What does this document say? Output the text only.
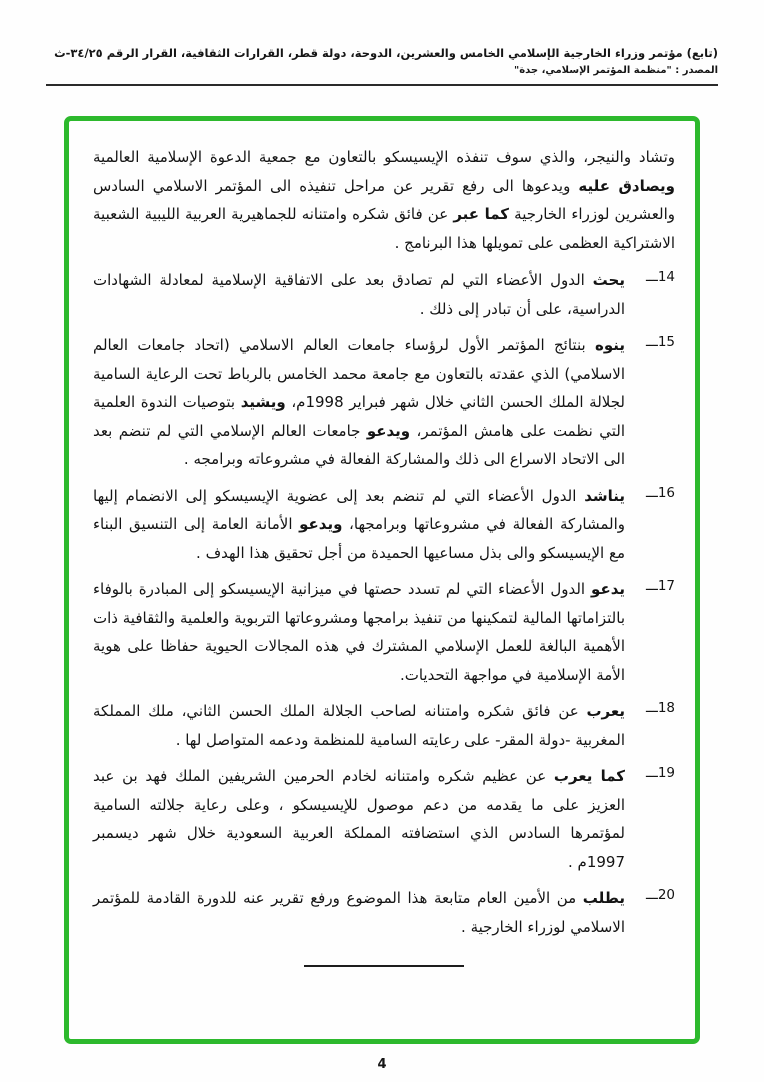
(تابع) مؤتمر وزراء الخارجية الإسلامي الخامس والعشرين، الدوحة، دولة قطر، القرارات الثقافية، القرار الرقم ٣٤/٢٥-ث
المصدر : "منظمة المؤتمر الإسلامي، جدة"

وتشاد والنيجر، والذي سوف تنفذه الإيسيسكو بالتعاون مع جمعية الدعوة الإسلامية العالمية ويصادق عليه ويدعوها الى رفع تقرير عن مراحل تنفيذه الى المؤتمر الاسلامي السادس والعشرين لوزراء الخارجية كما عبر عن فائق شكره وامتنانه للجماهيرية العربية الليبية الشعبية الاشتراكية العظمى على تمويلها هذا البرنامج .

14ـــ

يحث الدول الأعضاء التي لم تصادق بعد على الاتفاقية الإسلامية لمعادلة الشهادات الدراسية، على أن تبادر إلى ذلك .

15ـــ

ينوه بنتائج المؤتمر الأول لرؤساء جامعات العالم الاسلامي (اتحاد جامعات العالم الاسلامي) الذي عقدته بالتعاون مع جامعة محمد الخامس بالرباط تحت الرعاية السامية لجلالة الملك الحسن الثاني خلال شهر فبراير 1998م، ويشيد بتوصيات الندوة العلمية التي نظمت على هامش المؤتمر، ويدعو جامعات العالم الإسلامي التي لم تنضم بعد الى الاتحاد الاسراع الى ذلك والمشاركة الفعالة في مشروعاته وبرامجه .

16ـــ

يناشد الدول الأعضاء التي لم تنضم بعد إلى عضوية الإيسيسكو إلى الانضمام إليها والمشاركة الفعالة في مشروعاتها وبرامجها، ويدعو الأمانة العامة إلى التنسيق البناء مع الإيسيسكو والى بذل مساعيها الحميدة من أجل تحقيق هذا الهدف .

17ـــ

يدعو الدول الأعضاء التي لم تسدد حصتها في ميزانية الإيسيسكو إلى المبادرة بالوفاء بالتزاماتها المالية لتمكينها من تنفيذ برامجها ومشروعاتها التربوية والعلمية والثقافية ذات الأهمية البالغة للعمل الإسلامي المشترك في هذه المجالات الحيوية حفاظا على هوية الأمة الإسلامية في مواجهة التحديات.

18ـــ

يعرب عن فائق شكره وامتنانه لصاحب الجلالة الملك الحسن الثاني، ملك المملكة المغربية -دولة المقر- على رعايته السامية للمنظمة ودعمه المتواصل لها .

19ـــ

كما يعرب عن عظيم شكره وامتنانه لخادم الحرمين الشريفين الملك فهد بن عبد العزيز على ما يقدمه من دعم موصول للإيسيسكو ، وعلى رعاية جلالته السامية لمؤتمرها السادس الذي استضافته المملكة العربية السعودية خلال شهر ديسمبر 1997م .

20ـــ

يطلب من الأمين العام متابعة هذا الموضوع ورفع تقرير عنه للدورة القادمة للمؤتمر الاسلامي لوزراء الخارجية .

4
